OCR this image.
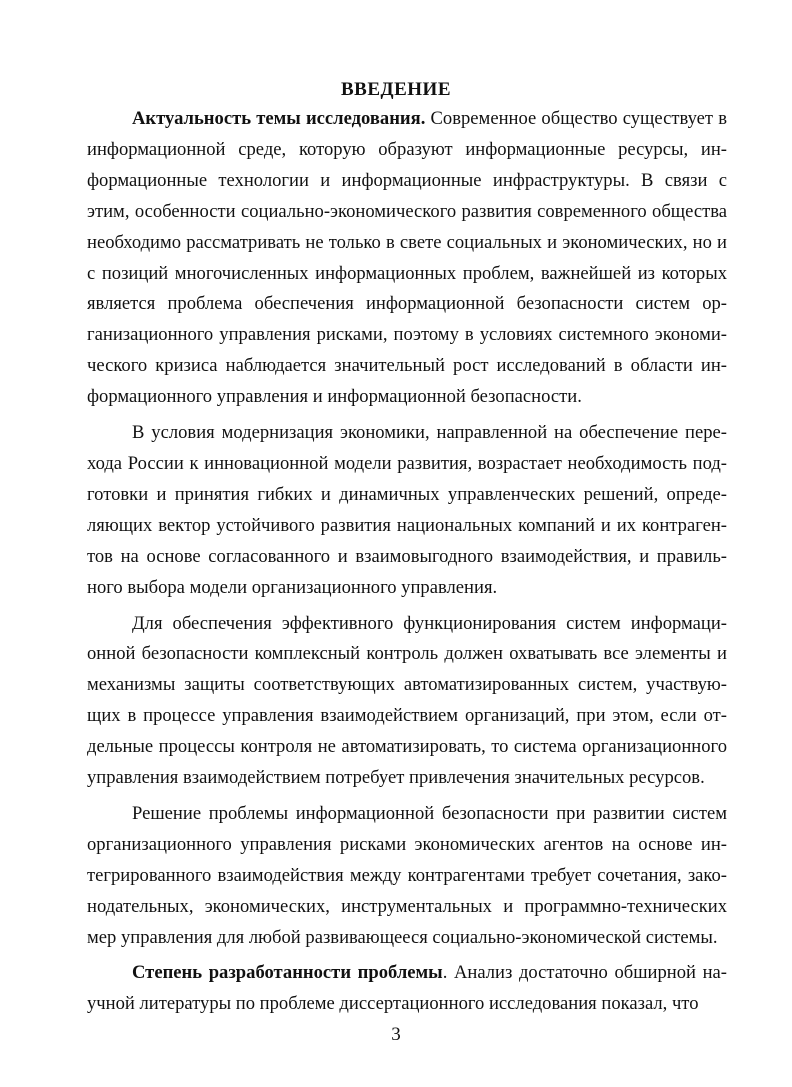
ВВЕДЕНИЕ

Актуальность темы исследования. Современное общество существует в информационной среде, которую образуют информационные ресурсы, информационные технологии и информационные инфраструктуры. В связи с этим, особенности социально-экономического развития современного общества необходимо рассматривать не только в свете социальных и экономических, но и с позиций многочисленных информационных проблем, важнейшей из которых является проблема обеспечения информационной безопасности систем организационного управления рисками, поэтому в условиях системного экономического кризиса наблюдается значительный рост исследований в области информационного управления и информационной безопасности.

В условия модернизация экономики, направленной на обеспечение перехода России к инновационной модели развития, возрастает необходимость подготовки и принятия гибких и динамичных управленческих решений, определяющих вектор устойчивого развития национальных компаний и их контрагентов на основе согласованного и взаимовыгодного взаимодействия, и правильного выбора модели организационного управления.

Для обеспечения эффективного функционирования систем информационной безопасности комплексный контроль должен охватывать все элементы и механизмы защиты соответствующих автоматизированных систем, участвующих в процессе управления взаимодействием организаций, при этом, если отдельные процессы контроля не автоматизировать, то система организационного управления взаимодействием потребует привлечения значительных ресурсов.

Решение проблемы информационной безопасности при развитии систем организационного управления рисками экономических агентов на основе интегрированного взаимодействия между контрагентами требует сочетания, законодательных, экономических, инструментальных и программно-технических мер управления для любой развивающееся социально-экономической системы.

Степень разработанности проблемы. Анализ достаточно обширной научной литературы по проблеме диссертационного исследования показал, что

3
